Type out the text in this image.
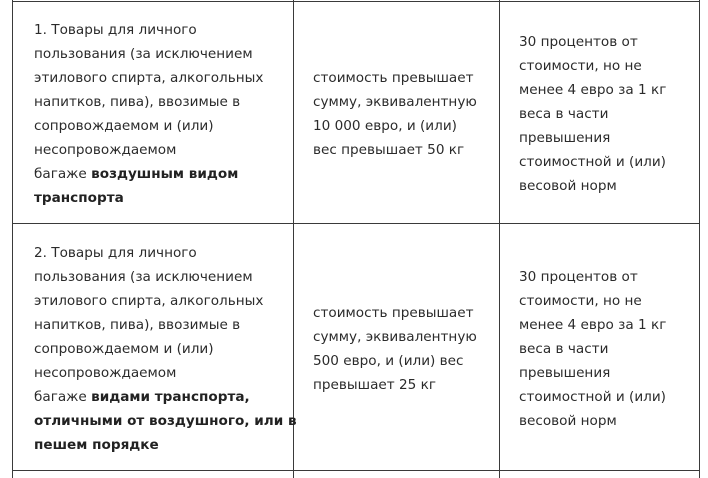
1. Товары для личного
пользования (за исключением
этилового спирта, алкогольных
напитков, пива), ввозимые в
сопровождаемом и (или)
несопровождаемом
багаже воздушным видом
транспорта
стоимость превышает
сумму, эквивалентную
10 000 евро, и (или)
вес превышает 50 кг
30 процентов от
стоимости, но не
менее 4 евро за 1 кг
веса в части
превышения
стоимостной и (или)
весовой норм
2. Товары для личного
пользования (за исключением
этилового спирта, алкогольных
напитков, пива), ввозимые в
сопровождаемом и (или)
несопровождаемом
багаже видами транспорта,
отличными от воздушного, или в
пешем порядке
стоимость превышает
сумму, эквивалентную
500 евро, и (или) вес
превышает 25 кг
30 процентов от
стоимости, но не
менее 4 евро за 1 кг
веса в части
превышения
стоимостной и (или)
весовой норм
